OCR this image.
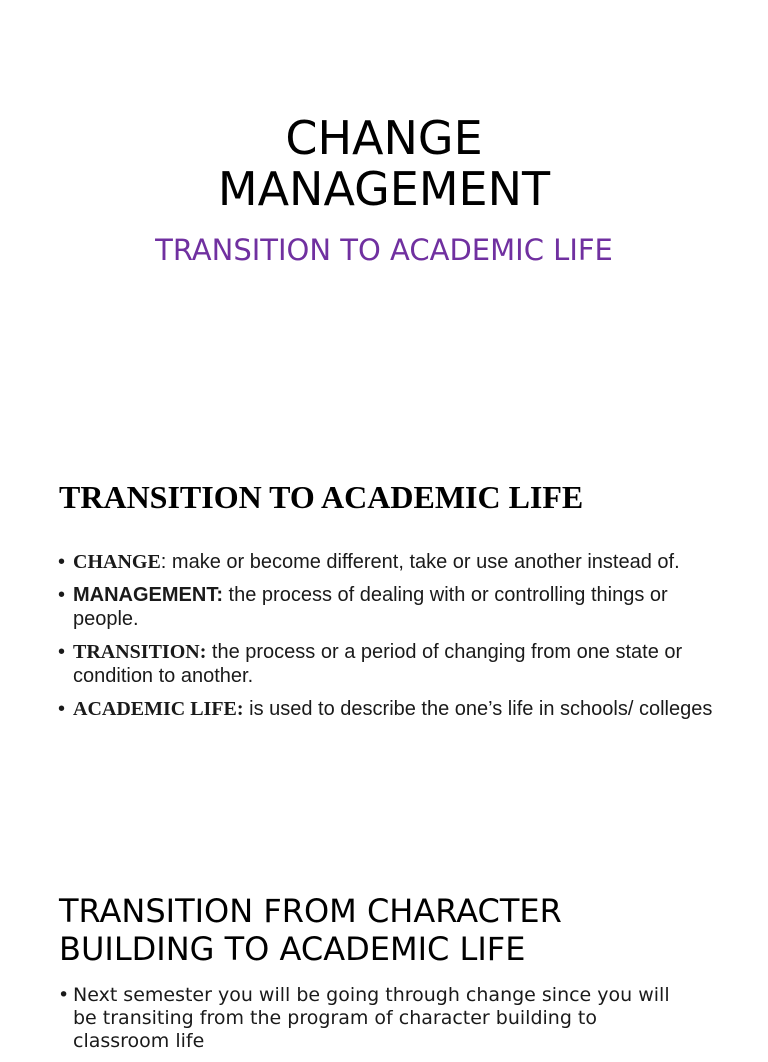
CHANGE
MANAGEMENT

TRANSITION TO ACADEMIC LIFE

TRANSITION TO ACADEMIC LIFE
• CHANGE: make or become different, take or use another instead of.
• MANAGEMENT: the process of dealing with or controlling things or people.
• TRANSITION: the process or a period of changing from one state or condition to another.
• ACADEMIC LIFE: is used to describe the one’s life in schools/ colleges
TRANSITION FROM CHARACTER
BUILDING TO ACADEMIC LIFE
• Next semester you will be going through change since you will be transiting from the program of character building to classroom life
